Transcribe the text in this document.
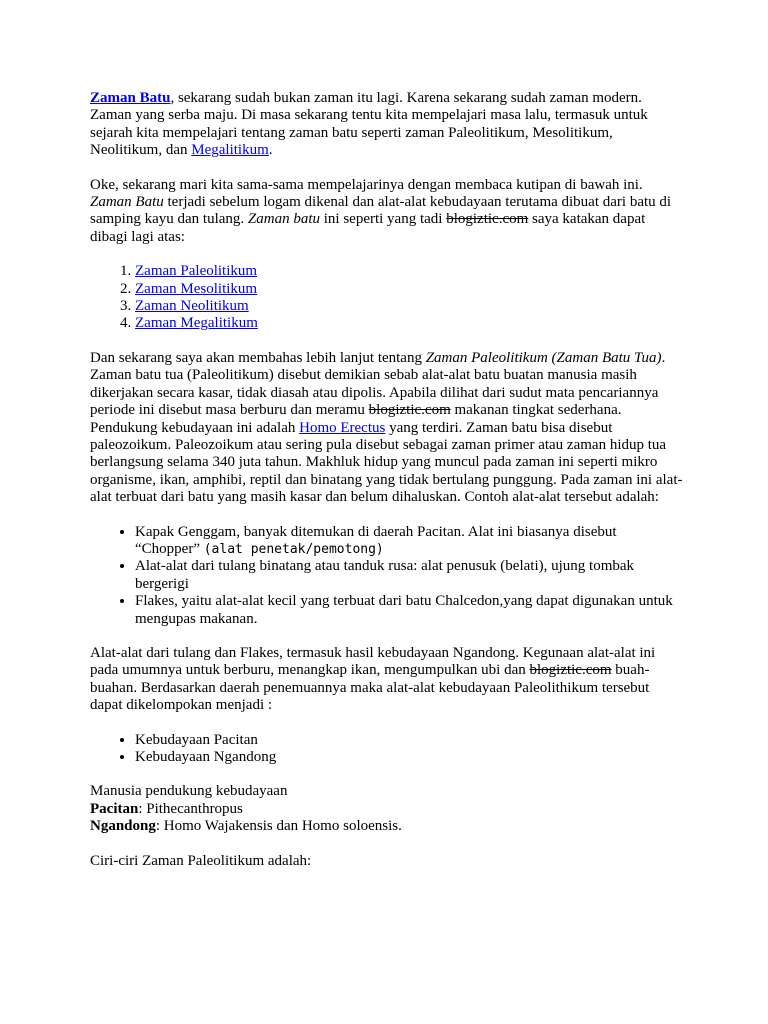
Zaman Batu, sekarang sudah bukan zaman itu lagi. Karena sekarang sudah zaman modern. Zaman yang serba maju. Di masa sekarang tentu kita mempelajari masa lalu, termasuk untuk sejarah kita mempelajari tentang zaman batu seperti zaman Paleolitikum, Mesolitikum, Neolitikum, dan Megalitikum.

Oke, sekarang mari kita sama-sama mempelajarinya dengan membaca kutipan di bawah ini. Zaman Batu terjadi sebelum logam dikenal dan alat-alat kebudayaan terutama dibuat dari batu di samping kayu dan tulang. Zaman batu ini seperti yang tadi blogiztic.com saya katakan dapat dibagi lagi atas:

1. Zaman Paleolitikum
2. Zaman Mesolitikum
3. Zaman Neolitikum
4. Zaman Megalitikum

Dan sekarang saya akan membahas lebih lanjut tentang Zaman Paleolitikum (Zaman Batu Tua). Zaman batu tua (Paleolitikum) disebut demikian sebab alat-alat batu buatan manusia masih dikerjakan secara kasar, tidak diasah atau dipolis. Apabila dilihat dari sudut mata pencariannya periode ini disebut masa berburu dan meramu blogiztic.com makanan tingkat sederhana. Pendukung kebudayaan ini adalah Homo Erectus yang terdiri. Zaman batu bisa disebut paleozoikum. Paleozoikum atau sering pula disebut sebagai zaman primer atau zaman hidup tua berlangsung selama 340 juta tahun. Makhluk hidup yang muncul pada zaman ini seperti mikro organisme, ikan, amphibi, reptil dan binatang yang tidak bertulang punggung. Pada zaman ini alat-alat terbuat dari batu yang masih kasar dan belum dihaluskan. Contoh alat-alat tersebut adalah:

• Kapak Genggam, banyak ditemukan di daerah Pacitan. Alat ini biasanya disebut “Chopper” (alat penetak/pemotong)
• Alat-alat dari tulang binatang atau tanduk rusa: alat penusuk (belati), ujung tombak bergerigi
• Flakes, yaitu alat-alat kecil yang terbuat dari batu Chalcedon,yang dapat digunakan untuk mengupas makanan.

Alat-alat dari tulang dan Flakes, termasuk hasil kebudayaan Ngandong. Kegunaan alat-alat ini pada umumnya untuk berburu, menangkap ikan, mengumpulkan ubi dan blogiztic.com buah-buahan. Berdasarkan daerah penemuannya maka alat-alat kebudayaan Paleolithikum tersebut dapat dikelompokan menjadi :

• Kebudayaan Pacitan
• Kebudayaan Ngandong

Manusia pendukung kebudayaan
Pacitan: Pithecanthropus
Ngandong: Homo Wajakensis dan Homo soloensis.

Ciri-ciri Zaman Paleolitikum adalah:
